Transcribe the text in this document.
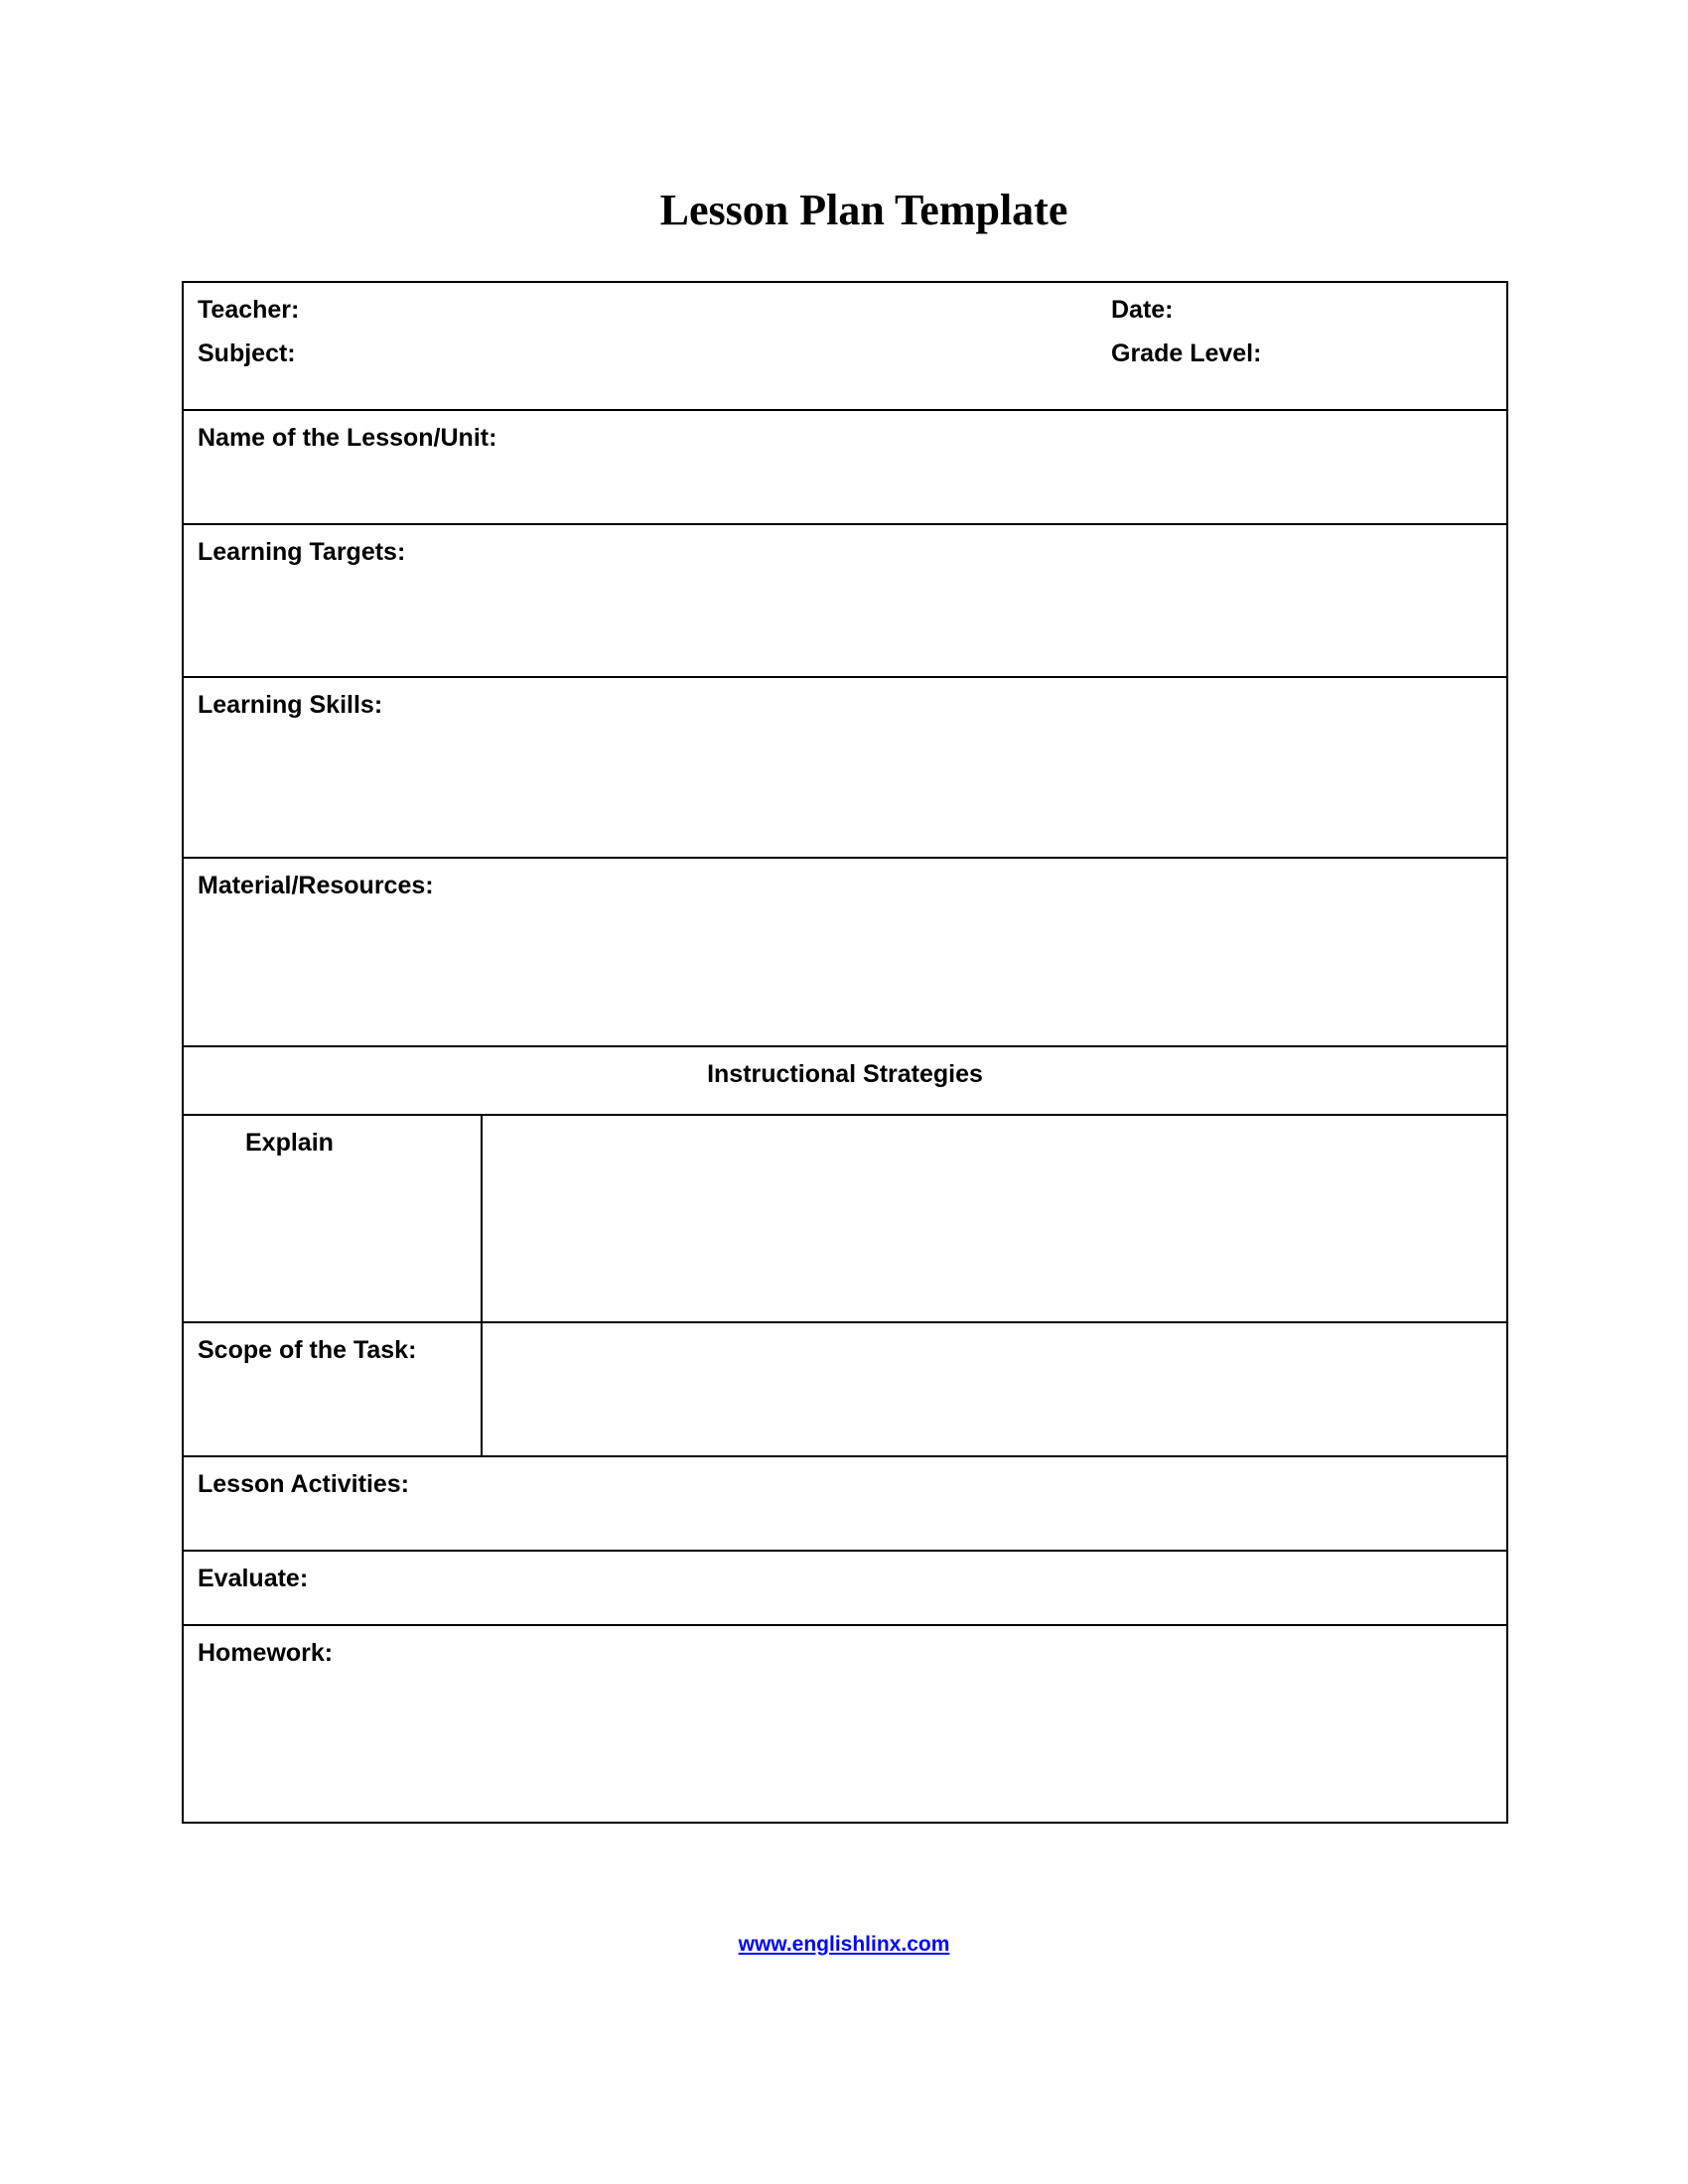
Lesson Plan Template
Teacher: Date:
Subject: Grade Level:	

Name of the Lesson/Unit:	

Learning Targets:	

Learning Skills:	

Material/Resources:	

Instructional Strategies	

Explain	

Scope of the Task:	

Lesson Activities:	

Evaluate:	

Homework:	
www.englishlinx.com
